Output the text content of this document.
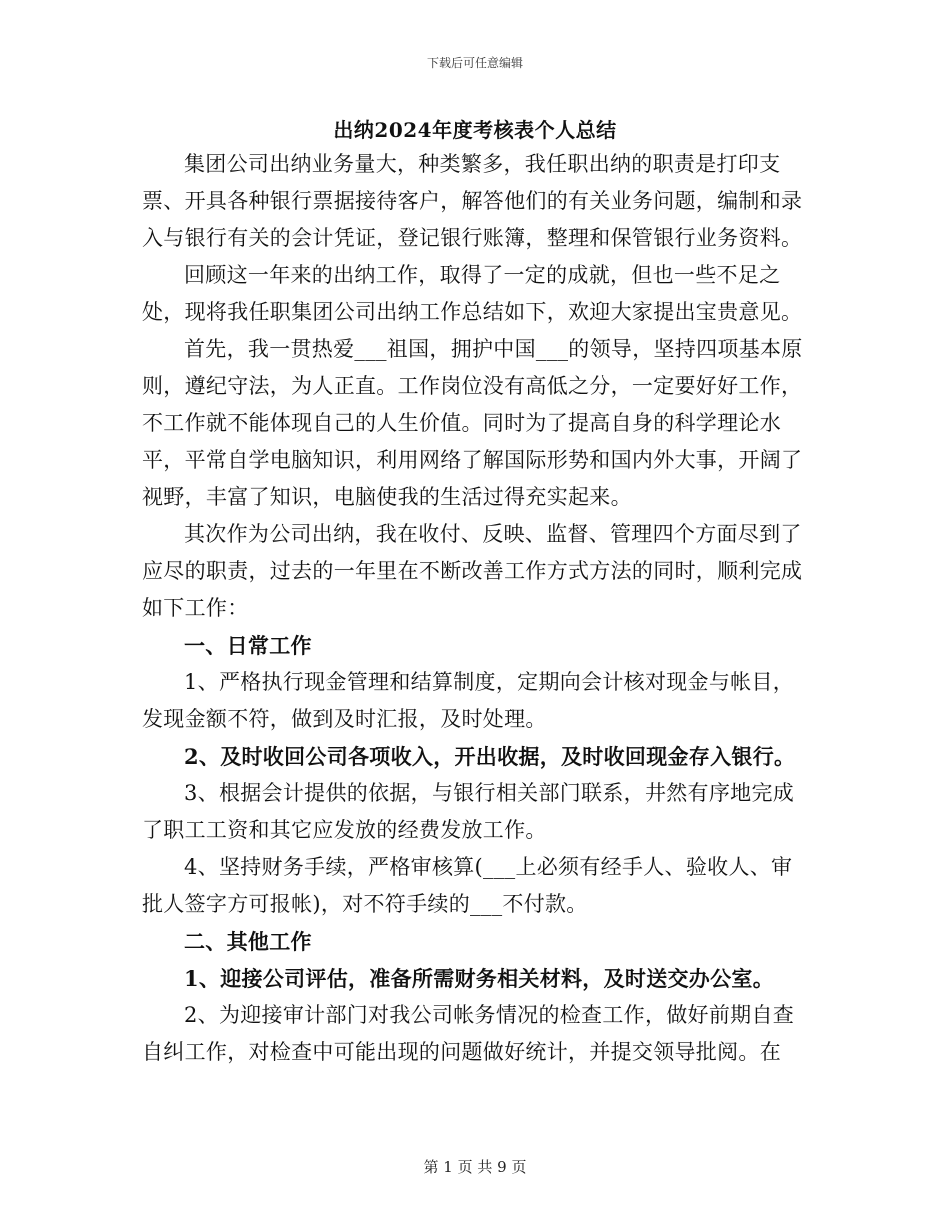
下载后可任意编辑
出纳2024年度考核表个人总结

集团公司出纳业务量大，种类繁多，我任职出纳的职责是打印支票、开具各种银行票据接待客户，解答他们的有关业务问题，编制和录入与银行有关的会计凭证，登记银行账簿，整理和保管银行业务资料。

回顾这一年来的出纳工作，取得了一定的成就，但也一些不足之处，现将我任职集团公司出纳工作总结如下，欢迎大家提出宝贵意见。

首先，我一贯热爱___祖国，拥护中国___的领导，坚持四项基本原则，遵纪守法，为人正直。工作岗位没有高低之分，一定要好好工作，不工作就不能体现自己的人生价值。同时为了提高自身的科学理论水平，平常自学电脑知识，利用网络了解国际形势和国内外大事，开阔了视野，丰富了知识，电脑使我的生活过得充实起来。

其次作为公司出纳，我在收付、反映、监督、管理四个方面尽到了应尽的职责，过去的一年里在不断改善工作方式方法的同时，顺利完成如下工作：

一、日常工作

1、严格执行现金管理和结算制度，定期向会计核对现金与帐目，发现金额不符，做到及时汇报，及时处理。

2、及时收回公司各项收入，开出收据，及时收回现金存入银行。

3、根据会计提供的依据，与银行相关部门联系，井然有序地完成了职工工资和其它应发放的经费发放工作。

4、坚持财务手续，严格审核算(___上必须有经手人、验收人、审批人签字方可报帐)，对不符手续的___不付款。

二、其他工作

1、迎接公司评估，准备所需财务相关材料，及时送交办公室。

2、为迎接审计部门对我公司帐务情况的检查工作，做好前期自查自纠工作，对检查中可能出现的问题做好统计，并提交领导批阅。在

第 1 页 共 9 页
